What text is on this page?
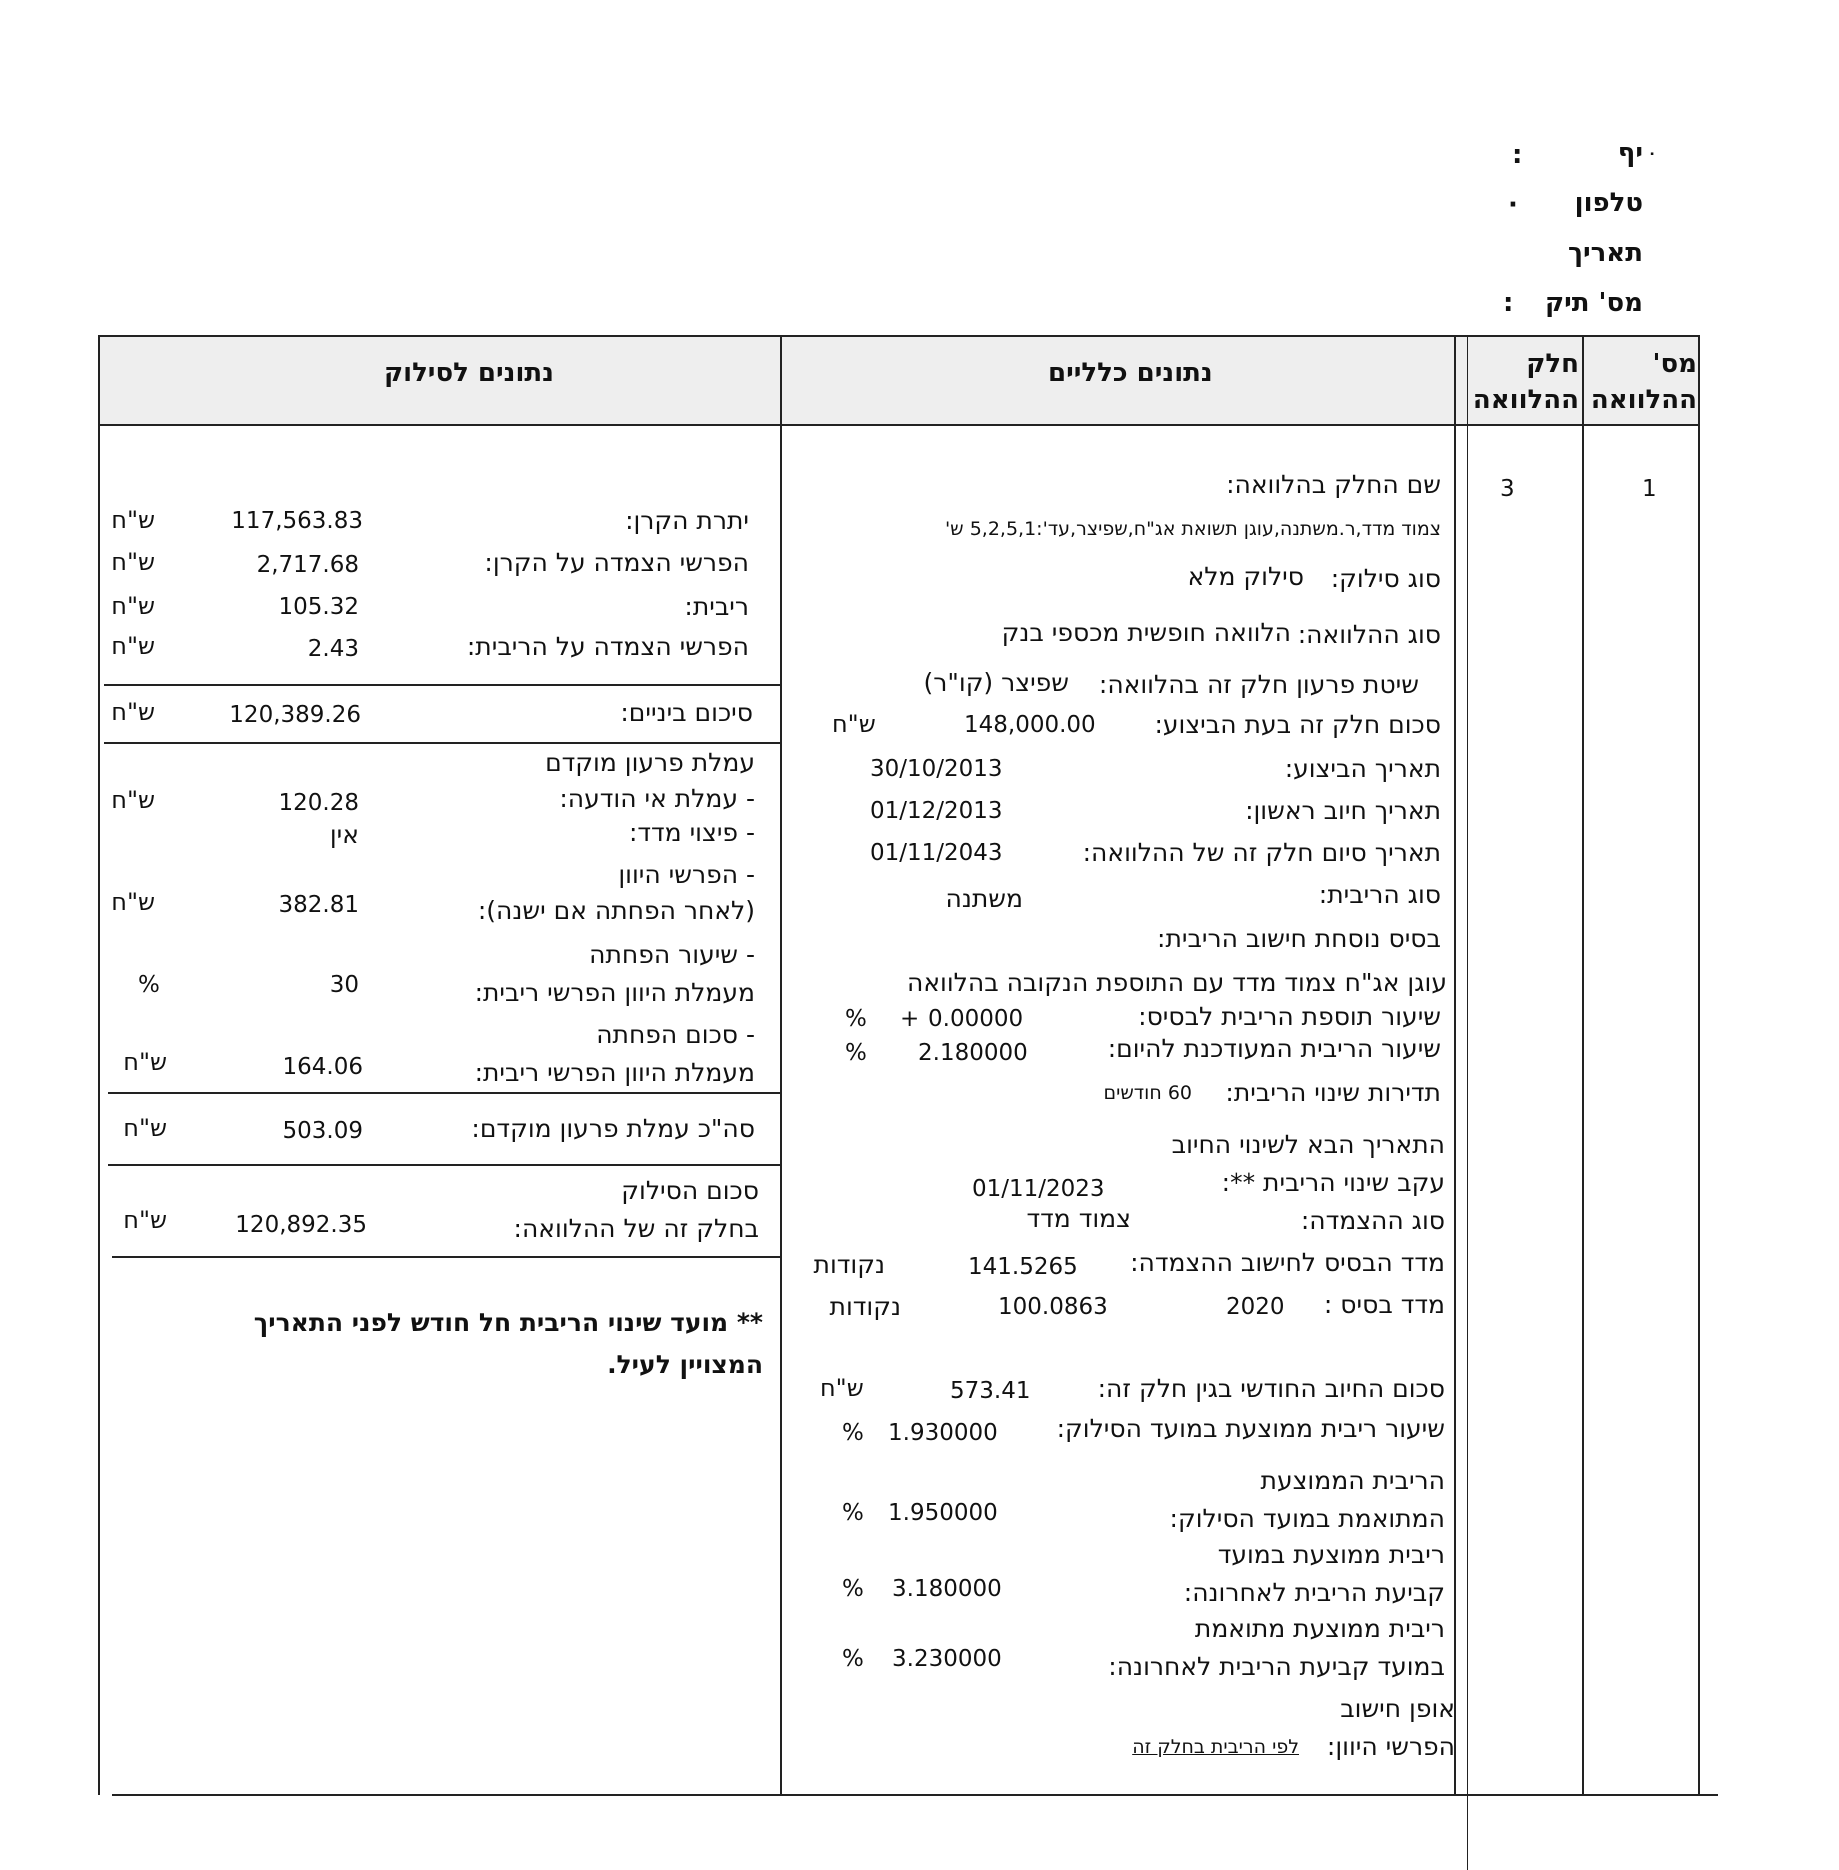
ּיף
:
טלפון
·
תאריך
מס' תיק
:
מס' ההלוואה
חלק ההלוואה
נתונים כלליים
נתונים לסילוק
1
3
שם החלק בהלוואה:
צמוד מדד,ר.משתנה,עוגן תשואת אג"ח,שפיצר,עד':5,2,5,1 ש'
סוג סילוק:
סילוק מלא
סוג ההלוואה:
הלוואה חופשית מכספי בנק
שיטת פרעון חלק זה בהלוואה:
שפיצר (קו"ר)
סכום חלק זה בעת הביצוע:
148,000.00
ש"ח
תאריך הביצוע:
30/10/2013
תאריך חיוב ראשון:
01/12/2013
תאריך סיום חלק זה של ההלוואה:
01/11/2043
סוג הריבית:
משתנה
בסיס נוסחת חישוב הריבית:
עוגן אג"ח צמוד מדד עם התוספת הנקובה בהלוואה
שיעור תוספת הריבית לבסיס:
+ 0.00000
%
שיעור הריבית המעודכנת להיום:
2.180000
%
תדירות שינוי הריבית:
60 חודשים
התאריך הבא לשינוי החיוב
עקב שינוי הריבית **:
01/11/2023
סוג ההצמדה:
צמוד מדד
מדד הבסיס לחישוב ההצמדה:
141.5265
נקודות
מדד בסיס :
2020
100.0863
נקודות
סכום החיוב החודשי בגין חלק זה:
573.41
ש"ח
שיעור ריבית ממוצעת במועד הסילוק:
1.930000
%
הריבית הממוצעת
המתואמת במועד הסילוק:
1.950000
%
ריבית ממוצעת במועד
קביעת הריבית לאחרונה:
3.180000
%
ריבית ממוצעת מתואמת
במועד קביעת הריבית לאחרונה:
3.230000
%
אופן חישוב
הפרשי היוון:
לפי הריבית בחלק זה
יתרת הקרן:
117,563.83
ש"ח
הפרשי הצמדה על הקרן:
2,717.68
ש"ח
ריבית:
105.32
ש"ח
הפרשי הצמדה על הריבית:
2.43
ש"ח
סיכום ביניים:
120,389.26
ש"ח
עמלת פרעון מוקדם
- עמלת אי הודעה:
120.28
ש"ח
- פיצוי מדד:
אין
- הפרשי היוון
(לאחר הפחתה אם ישנה):
382.81
ש"ח
- שיעור הפחתה
מעמלת היוון הפרשי ריבית:
30
%
- סכום הפחתה
מעמלת היוון הפרשי ריבית:
164.06
ש"ח
סה"כ עמלת פרעון מוקדם:
503.09
ש"ח
סכום הסילוק
בחלק זה של ההלוואה:
120,892.35
ש"ח
** מועד שינוי הריבית חל חודש לפני התאריך
המצויין לעיל.
